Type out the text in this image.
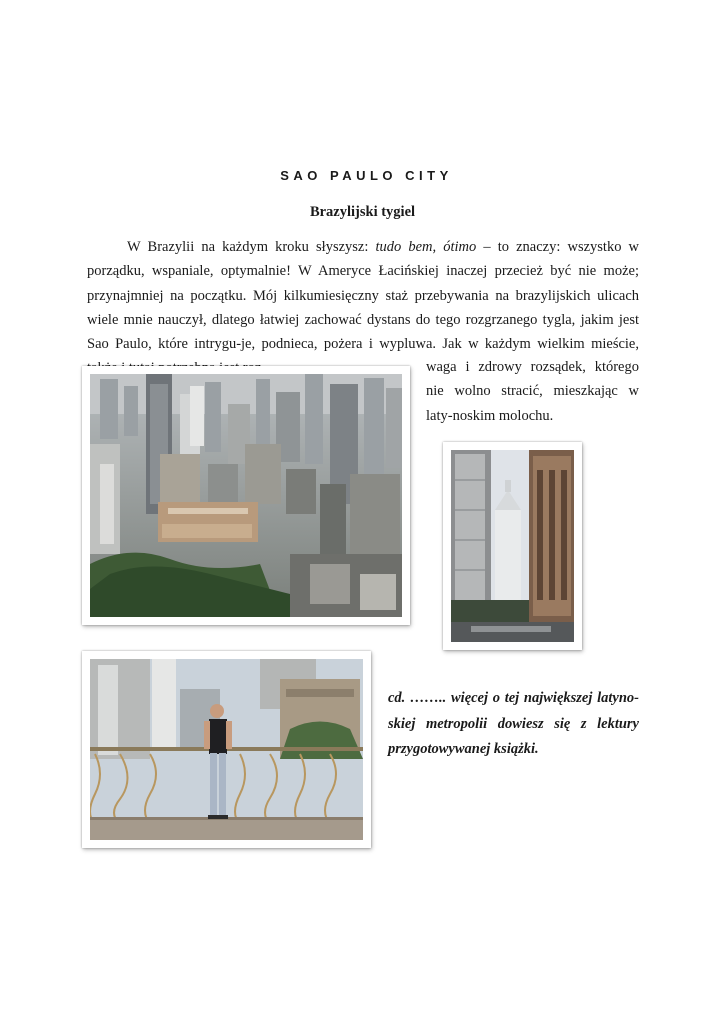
SAO PAULO CITY
Brazylijski tygiel

W Brazylii na każdym kroku słyszysz: tudo bem, ótimo – to znaczy: wszystko w porządku, wspaniale, optymalnie! W Ameryce Łacińskiej inaczej przecież być nie może; przynajmniej na początku. Mój kilkumiesięczny staż przebywania na brazylijskich ulicach wiele mnie nauczył, dlatego łatwiej zachować dystans do tego rozgrzanego tygla, jakim jest Sao Paulo, które intrygu-je, podnieca, pożera i wypluwa. Jak w każdym wielkim mieście,

waga i zdrowy rozsądek, którego nie wolno stracić, mieszkając w laty-noskim molochu.

cd. …….. więcej o tej największej latyno-skiej metropolii dowiesz się z lektury przygotowywanej książki.
